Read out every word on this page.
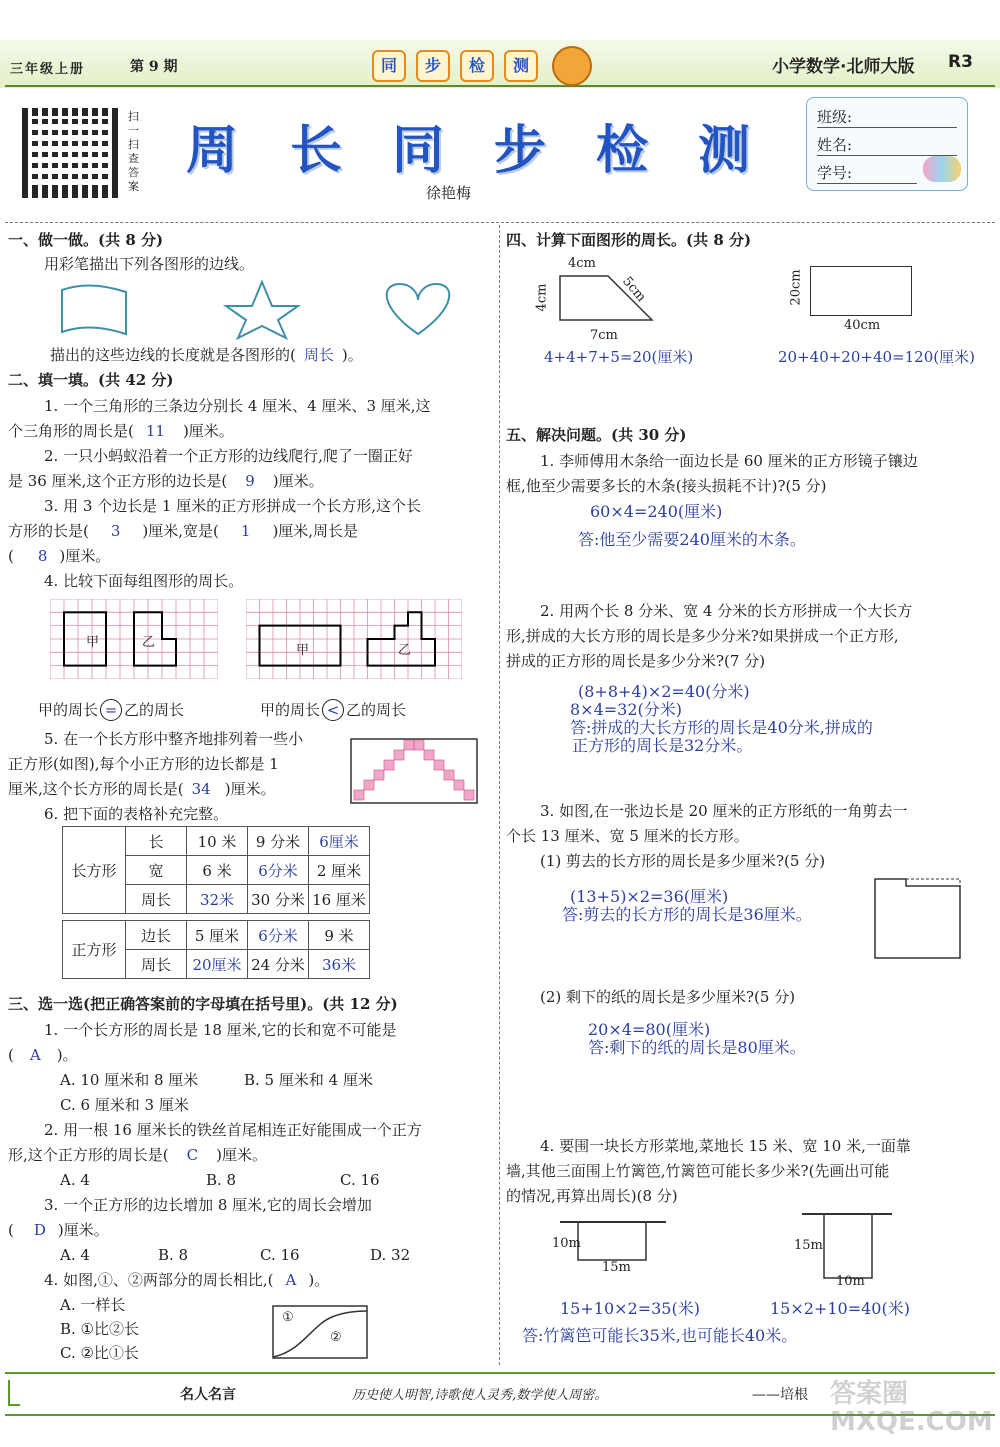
三年级上册	第 9 期	同	步	检	测	小学数学·北师大版 R3
扫一扫查答案
周 长 同 步 检 测
徐艳梅
班级:
姓名:
学号:
一、做一做。(共 8 分)
用彩笔描出下列各图形的边线。
描出的这些边线的长度就是各图形的( 周长 )。
二、填一填。(共 42 分)
1. 一个三角形的三条边分别长 4 厘米、4 厘米、3 厘米,这
个三角形的周长是( 11 )厘米。
2. 一只小蚂蚁沿着一个正方形的边线爬行,爬了一圈正好
是 36 厘米,这个正方形的边长是( 9 )厘米。
3. 用 3 个边长是 1 厘米的正方形拼成一个长方形,这个长
方形的长是( 3 )厘米,宽是( 1 )厘米,周长是
( 8 )厘米。
4. 比较下面每组图形的周长。
甲	乙
甲	乙
甲的周长 = 乙的周长	甲的周长 < 乙的周长
5. 在一个长方形中整齐地排列着一些小
正方形(如图),每个小正方形的边长都是 1
厘米,这个长方形的周长是( 34 )厘米。
6. 把下面的表格补充完整。
长方形	长	10 米	9 分米	6厘米
	宽	6 米	6分米	2 厘米
	周长	32米	30 分米	16 厘米
正方形	边长	5 厘米	6分米	9 米
	周长	20厘米	24 分米	36米
三、选一选(把正确答案前的字母填在括号里)。(共 12 分)
1. 一个长方形的周长是 18 厘米,它的长和宽不可能是
( A )。
A. 10 厘米和 8 厘米	B. 5 厘米和 4 厘米
C. 6 厘米和 3 厘米
2. 用一根 16 厘米长的铁丝首尾相连正好能围成一个正方
形,这个正方形的周长是( C )厘米。
A. 4	B. 8	C. 16
3. 一个正方形的边长增加 8 厘米,它的周长会增加
( D )厘米。
A. 4	B. 8	C. 16	D. 32
4. 如图,①、②两部分的周长相比,( A )。
A. 一样长
B. ①比②长
C. ②比①长
①
②
四、计算下面图形的周长。(共 8 分)
4cm
5cm
4cm
7cm
4+4+7+5=20(厘米)
20cm
40cm
20+40+20+40=120(厘米)
五、解决问题。(共 30 分)
1. 李师傅用木条给一面边长是 60 厘米的正方形镜子镶边
框,他至少需要多长的木条(接头损耗不计)?(5 分)
60×4=240(厘米)
答:他至少需要240厘米的木条。
2. 用两个长 8 分米、宽 4 分米的长方形拼成一个大长方
形,拼成的大长方形的周长是多少分米?如果拼成一个正方形,
拼成的正方形的周长是多少分米?(7 分)
(8+8+4)×2=40(分米)
8×4=32(分米)
答:拼成的大长方形的周长是40分米,拼成的
正方形的周长是32分米。
3. 如图,在一张边长是 20 厘米的正方形纸的一角剪去一
个长 13 厘米、宽 5 厘米的长方形。
(1) 剪去的长方形的周长是多少厘米?(5 分)
(13+5)×2=36(厘米)
答:剪去的长方形的周长是36厘米。
(2) 剩下的纸的周长是多少厘米?(5 分)
20×4=80(厘米)
答:剩下的纸的周长是80厘米。
4. 要围一块长方形菜地,菜地长 15 米、宽 10 米,一面靠
墙,其他三面围上竹篱笆,竹篱笆可能长多少米?(先画出可能
的情况,再算出周长)(8 分)
10m
15m
15m
10m
15+10×2=35(米)	15×2+10=40(米)
答:竹篱笆可能长35米,也可能长40米。
名人名言	历史使人明智,诗歌使人灵秀,数学使人周密。	——培根 答案圈 MXQE.COM
